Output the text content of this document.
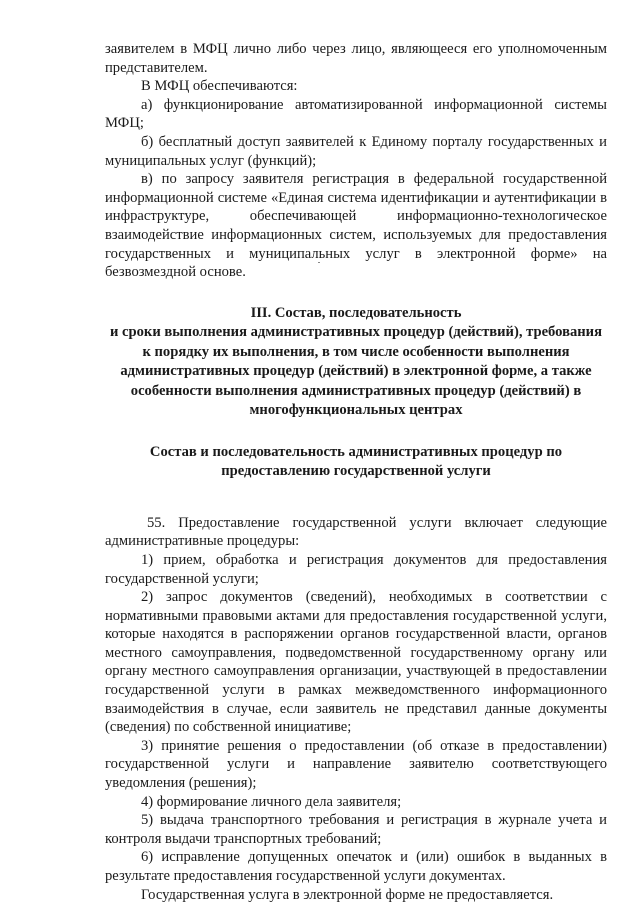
заявителем в МФЦ лично либо через лицо, являющееся его уполномоченным представителем.

В МФЦ обеспечиваются:

а) функционирование автоматизированной информационной системы МФЦ;

б) бесплатный доступ заявителей к Единому порталу государственных и муниципальных услуг (функций);

в) по запросу заявителя регистрация в федеральной государственной информационной системе «Единая система идентификации и аутентификации в инфраструктуре, обеспечивающей информационно-технологическое взаимодействие информационных систем, используемых для предоставления государственных и муниципальных услуг в электронной форме» на безвозмездной основе.

III. Состав, последовательность

и сроки выполнения административных процедур (действий), требования к порядку их выполнения, в том числе особенности выполнения административных процедур (действий) в электронной форме, а также особенности выполнения административных процедур (действий) в многофункциональных центрах

Состав и последовательность административных процедур по предоставлению государственной услуги

55. Предоставление государственной услуги включает следующие административные процедуры:

1) прием, обработка и регистрация документов для предоставления государственной услуги;

2) запрос документов (сведений), необходимых в соответствии с нормативными правовыми актами для предоставления государственной услуги, которые находятся в распоряжении органов государственной власти, органов местного самоуправления, подведомственной государственному органу или органу местного самоуправления организации, участвующей в предоставлении государственной услуги в рамках межведомственного информационного взаимодействия в случае, если заявитель не представил данные документы (сведения) по собственной инициативе;

3) принятие решения о предоставлении (об отказе в предоставлении) государственной услуги и направление заявителю соответствующего уведомления (решения);

4) формирование личного дела заявителя;

5) выдача транспортного требования и регистрация в журнале учета и контроля выдачи транспортных требований;

6) исправление допущенных опечаток и (или) ошибок в выданных в результате предоставления государственной услуги документах.

Государственная услуга в электронной форме не предоставляется.
